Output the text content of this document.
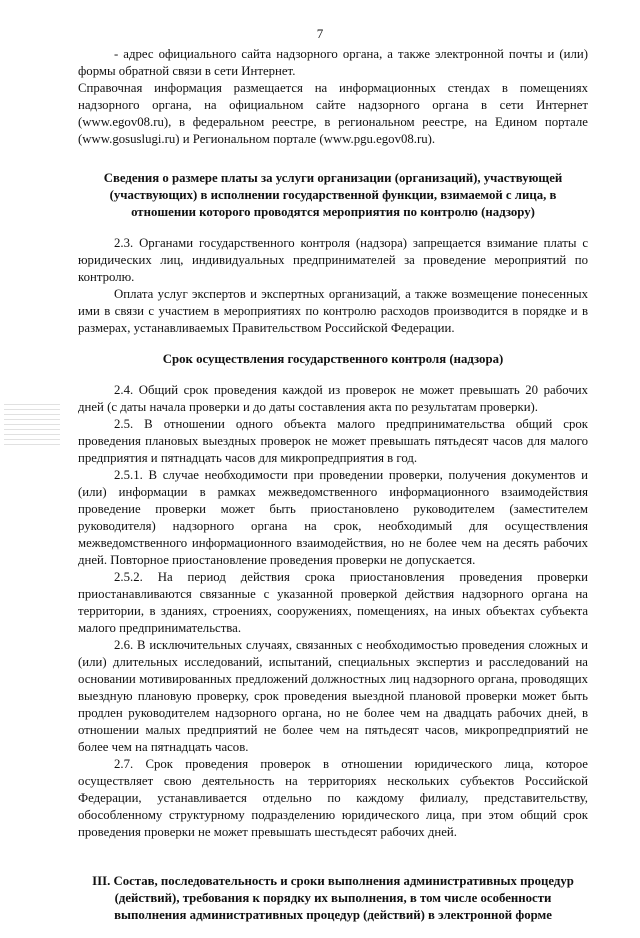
7

- адрес официального сайта надзорного органа, а также электронной почты и (или) формы обратной связи в сети Интернет.

Справочная информация размещается на информационных стендах в помещениях надзорного органа, на официальном сайте надзорного органа в сети Интернет (www.egov08.ru), в федеральном реестре, в региональном реестре, на Едином портале (www.gosuslugi.ru) и Региональном портале (www.pgu.egov08.ru).

Сведения о размере платы за услуги организации (организаций), участвующей (участвующих) в исполнении государственной функции, взимаемой с лица, в отношении которого проводятся мероприятия по контролю (надзору)

2.3. Органами государственного контроля (надзора) запрещается взимание платы с юридических лиц, индивидуальных предпринимателей за проведение мероприятий по контролю.

Оплата услуг экспертов и экспертных организаций, а также возмещение понесенных ими в связи с участием в мероприятиях по контролю расходов производится в порядке и в размерах, устанавливаемых Правительством Российской Федерации.

Срок осуществления государственного контроля (надзора)

2.4. Общий срок проведения каждой из проверок не может превышать 20 рабочих дней (с даты начала проверки и до даты составления акта по результатам проверки).

2.5. В отношении одного объекта малого предпринимательства общий срок проведения плановых выездных проверок не может превышать пятьдесят часов для малого предприятия и пятнадцать часов для микропредприятия в год.

2.5.1. В случае необходимости при проведении проверки, получения документов и (или) информации в рамках межведомственного информационного взаимодействия проведение проверки может быть приостановлено руководителем (заместителем руководителя) надзорного органа на срок, необходимый для осуществления межведомственного информационного взаимодействия, но не более чем на десять рабочих дней. Повторное приостановление проведения проверки не допускается.

2.5.2. На период действия срока приостановления проведения проверки приостанавливаются связанные с указанной проверкой действия надзорного органа на территории, в зданиях, строениях, сооружениях, помещениях, на иных объектах субъекта малого предпринимательства.

2.6. В исключительных случаях, связанных с необходимостью проведения сложных и (или) длительных исследований, испытаний, специальных экспертиз и расследований на основании мотивированных предложений должностных лиц надзорного органа, проводящих выездную плановую проверку, срок проведения выездной плановой проверки может быть продлен руководителем надзорного органа, но не более чем на двадцать рабочих дней, в отношении малых предприятий не более чем на пятьдесят часов, микропредприятий не более чем на пятнадцать часов.

2.7. Срок проведения проверок в отношении юридического лица, которое осуществляет свою деятельность на территориях нескольких субъектов Российской Федерации, устанавливается отдельно по каждому филиалу, представительству, обособленному структурному подразделению юридического лица, при этом общий срок проведения проверки не может превышать шестьдесят рабочих дней.

III. Состав, последовательность и сроки выполнения административных процедур (действий), требования к порядку их выполнения, в том числе особенности выполнения административных процедур (действий) в электронной форме
